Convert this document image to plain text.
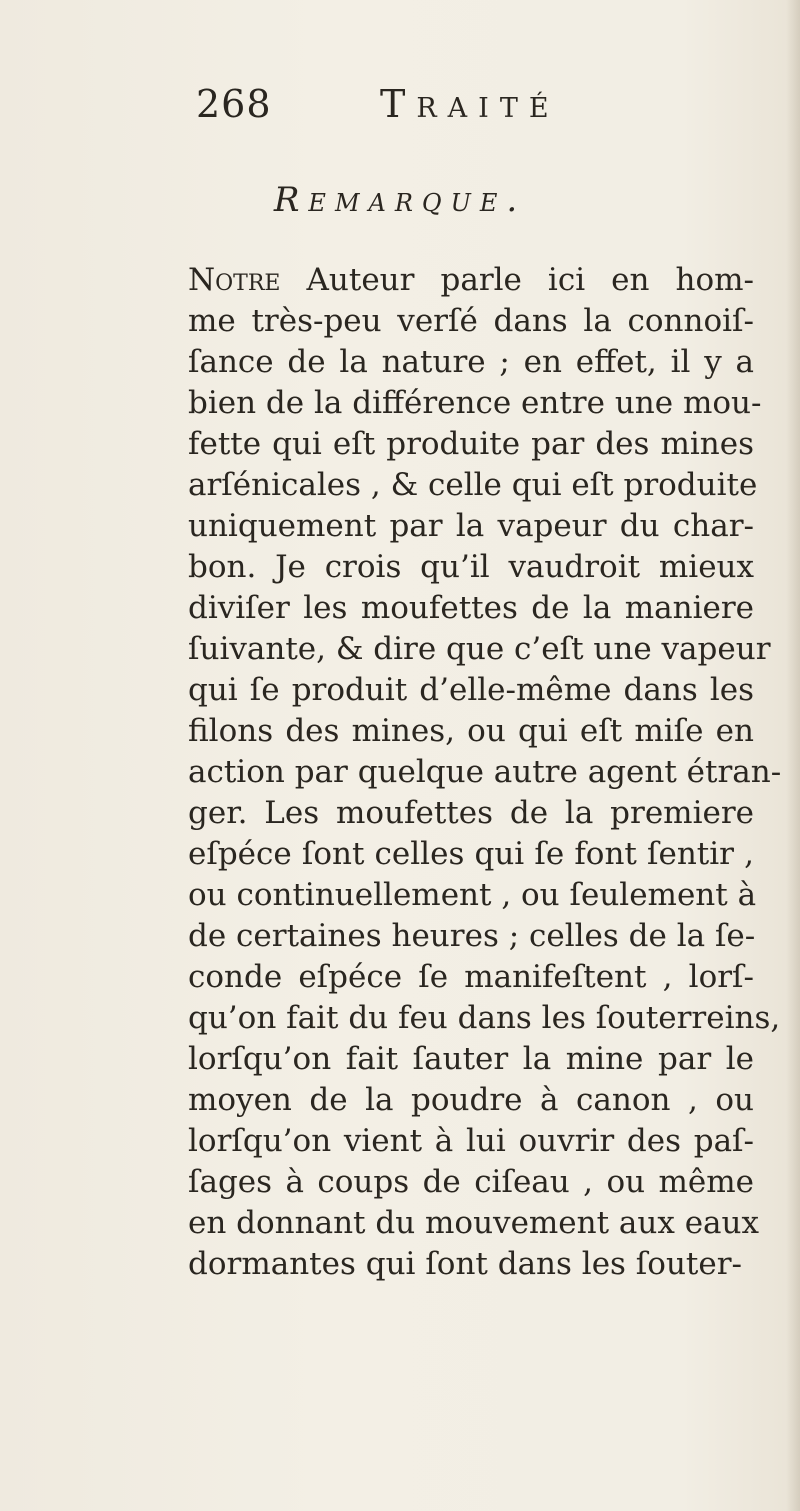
268	Traité
Remarque.
Notre Auteur parle ici en hom-
me très-peu verſé dans la connoiſ-
ſance de la nature ; en effet, il y a
bien de la différence entre une mou-
fette qui eſt produite par des mines
arſénicales , & celle qui eſt produite
uniquement par la vapeur du char-
bon. Je crois qu’il vaudroit mieux
diviſer les moufettes de la maniere
ſuivante, & dire que c’eſt une vapeur
qui ſe produit d’elle-même dans les
filons des mines, ou qui eſt miſe en
action par quelque autre agent étran-
ger. Les moufettes de la premiere
eſpéce ſont celles qui ſe font ſentir ,
ou continuellement , ou ſeulement à
de certaines heures ; celles de la ſe-
conde eſpéce ſe manifeſtent , lorſ-
qu’on fait du feu dans les ſouterreins,
lorſqu’on fait ſauter la mine par le
moyen de la poudre à canon , ou
lorſqu’on vient à lui ouvrir des paſ-
ſages à coups de ciſeau , ou même
en donnant du mouvement aux eaux
dormantes qui ſont dans les ſouter-
